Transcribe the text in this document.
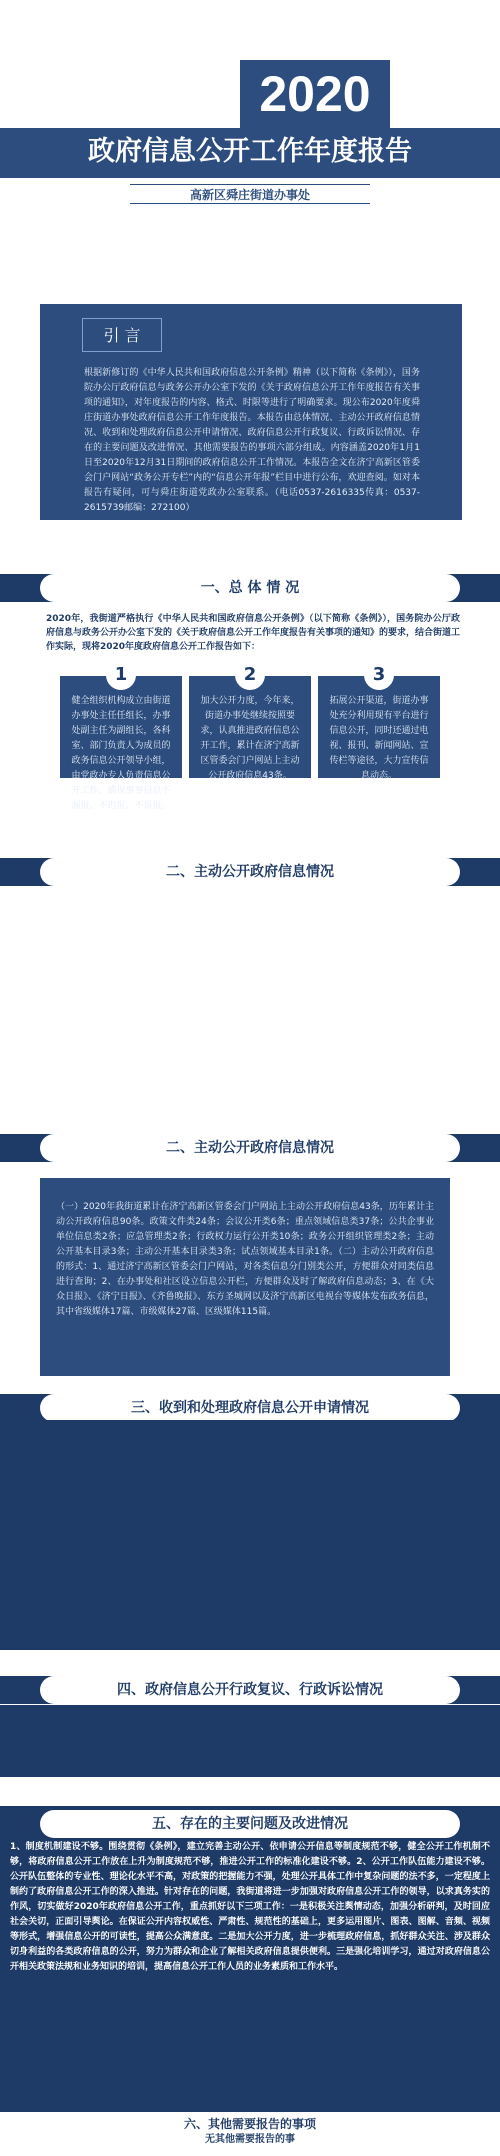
2020
政府信息公开工作年度报告
高新区舜庄街道办事处
引 言
根据新修订的《中华人民共和国政府信息公开条例》精神（以下简称《条例》），国务院办公厅政府信息与政务公开办公室下发的《关于政府信息公开工作年度报告有关事项的通知》，对年度报告的内容、格式、时限等进行了明确要求。现公布2020年度舜庄街道办事处政府信息公开工作年度报告。本报告由总体情况、主动公开政府信息情况、收到和处理政府信息公开申请情况、政府信息公开行政复议、行政诉讼情况、存在的主要问题及改进情况、其他需要报告的事项六部分组成。内容涵盖2020年1月1日至2020年12月31日期间的政府信息公开工作情况。本报告全文在济宁高新区管委会门户网站“政务公开专栏”内的“信息公开年报”栏目中进行公布，欢迎查阅。如对本报告有疑问，可与舜庄街道党政办公室联系。（电话0537-2616335传真：0537-2615739邮编：272100）
一、总 体 情 况
2020年，我街道严格执行《中华人民共和国政府信息公开条例》（以下简称《条例》），国务院办公厅政府信息与政务公开办公室下发的《关于政府信息公开工作年度报告有关事项的通知》的要求，结合街道工作实际，现将2020年度政府信息公开工作报告如下：
1
健全组织机构成立由街道办事处主任任组长，办事处副主任为副组长，各科室、部门负责人为成员的政务信息公开领导小组，由党政办专人负责信息公开工作，确保事事信息不漏报、不迟报、不误报。
2
加大公开力度，今年来，街道办事处继续按照要求，认真推进政府信息公开工作，累计在济宁高新区管委会门户网站上主动公开政府信息43条。
3
拓展公开渠道，街道办事处充分利用现有平台进行信息公开，同时还通过电视、报刊、新闻网站、宣传栏等途径，大力宣传信息动态。
二、主动公开政府信息情况
二、主动公开政府信息情况
（一）2020年我街道累计在济宁高新区管委会门户网站上主动公开政府信息43条，历年累计主动公开政府信息90条。政策文件类24条；会议公开类6条；重点领域信息类37条；公共企事业单位信息类2条；应急管理类2条；行政权力运行公开类10条；政务公开组织管理类2条；主动公开基本目录3条；主动公开基本目录类3条；试点领域基本目录1条。（二）主动公开政府信息的形式：1、通过济宁高新区管委会门户网站，对各类信息分门别类公开，方便群众对同类信息进行查询；2、在办事处和社区设立信息公开栏，方便群众及时了解政府信息动态；3、在《大众日报》、《济宁日报》、《齐鲁晚报》、东方圣城网以及济宁高新区电视台等媒体发布政务信息，其中省级媒体17篇、市级媒体27篇、区级媒体115篇。
三、收到和处理政府信息公开申请情况
四、政府信息公开行政复议、行政诉讼情况
五、存在的主要问题及改进情况
1、制度机制建设不够。围绕贯彻《条例》，建立完善主动公开、依申请公开信息等制度规范不够，健全公开工作机制不够，将政府信息公开工作放在上升为制度规范不够，推进公开工作的标准化建设不够。2、公开工作队伍能力建设不够。公开队伍整体的专业性、理论化水平不高，对政策的把握能力不强，处理公开具体工作中复杂问题的法不多，一定程度上制约了政府信息公开工作的深入推进。针对存在的问题，我街道将进一步加强对政府信息公开工作的领导，以求真务实的作风，切实做好2020年政府信息公开工作，重点抓好以下三项工作：一是积极关注舆情动态，加强分析研判，及时回应社会关切，正面引导舆论。在保证公开内容权威性、严肃性、规范性的基础上，更多运用图片、图表、图解、音频、视频等形式，增强信息公开的可读性，提高公众满意度。二是加大公开力度，进一步梳理政府信息，抓好群众关注、涉及群众切身利益的各类政府信息的公开，努力为群众和企业了解相关政府信息提供便利。三是强化培训学习，通过对政府信息公开相关政策法规和业务知识的培训，提高信息公开工作人员的业务素质和工作水平。
六、其他需要报告的事项
无其他需要报告的事
